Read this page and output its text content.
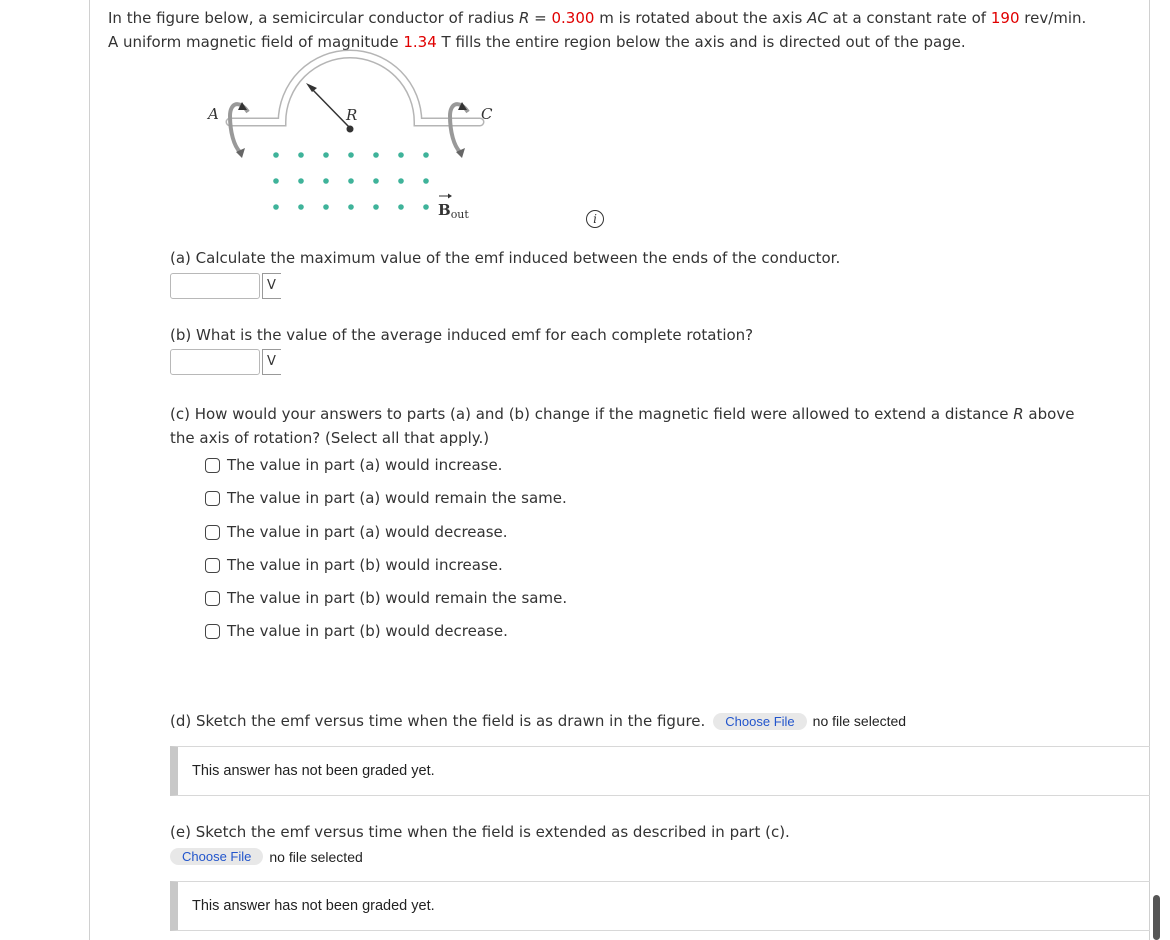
In the figure below, a semicircular conductor of radius R = 0.300 m is rotated about the axis AC at a constant rate of 190 rev/min.
A uniform magnetic field of magnitude 1.34 T fills the entire region below the axis and is directed out of the page.
A	R	C
$B_{out}$	i
(a) Calculate the maximum value of the emf induced between the ends of the conductor.
V
(b) What is the value of the average induced emf for each complete rotation?
V
(c) How would your answers to parts (a) and (b) change if the magnetic field were allowed to extend a distance R above
the axis of rotation? (Select all that apply.)
The value in part (a) would increase.
The value in part (a) would remain the same.
The value in part (a) would decrease.
The value in part (b) would increase.
The value in part (b) would remain the same.
The value in part (b) would decrease.
(d) Sketch the emf versus time when the field is as drawn in the figure.	Choose File	no file selected
This answer has not been graded yet.
(e) Sketch the emf versus time when the field is extended as described in part (c).
Choose File	no file selected
This answer has not been graded yet.
